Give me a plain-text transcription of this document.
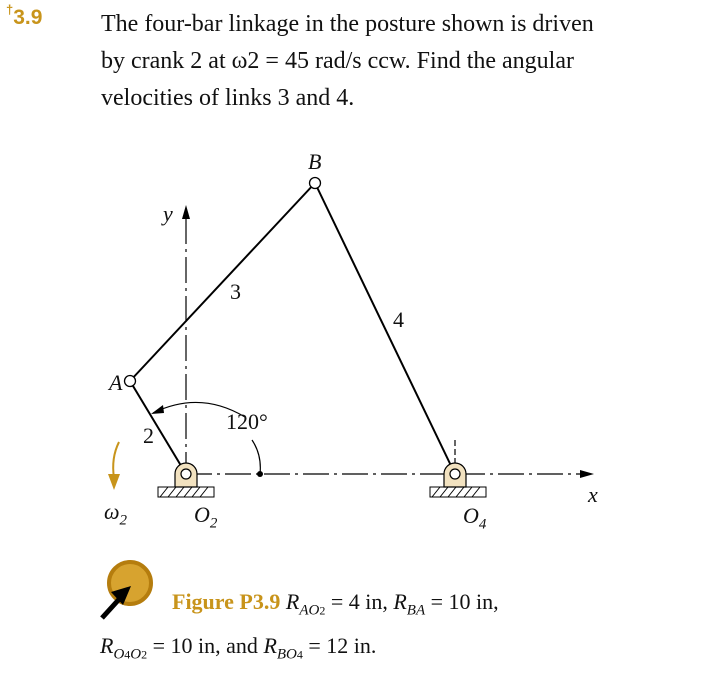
†3.9 The four-bar linkage in the posture shown is driven
by crank 2 at ω2 = 45 rad/s ccw. Find the angular
velocities of links 3 and 4.
B
A
y
x
2
3
4
120°
$\omega_2$	$O_2$	$O_4$
Figure P3.9 $R_{AO2} = 4$ in, $R_{BA} = 10$ in,
$R_{O4O2} = 10$ in, and $R_{BO4} = 12$ in.
